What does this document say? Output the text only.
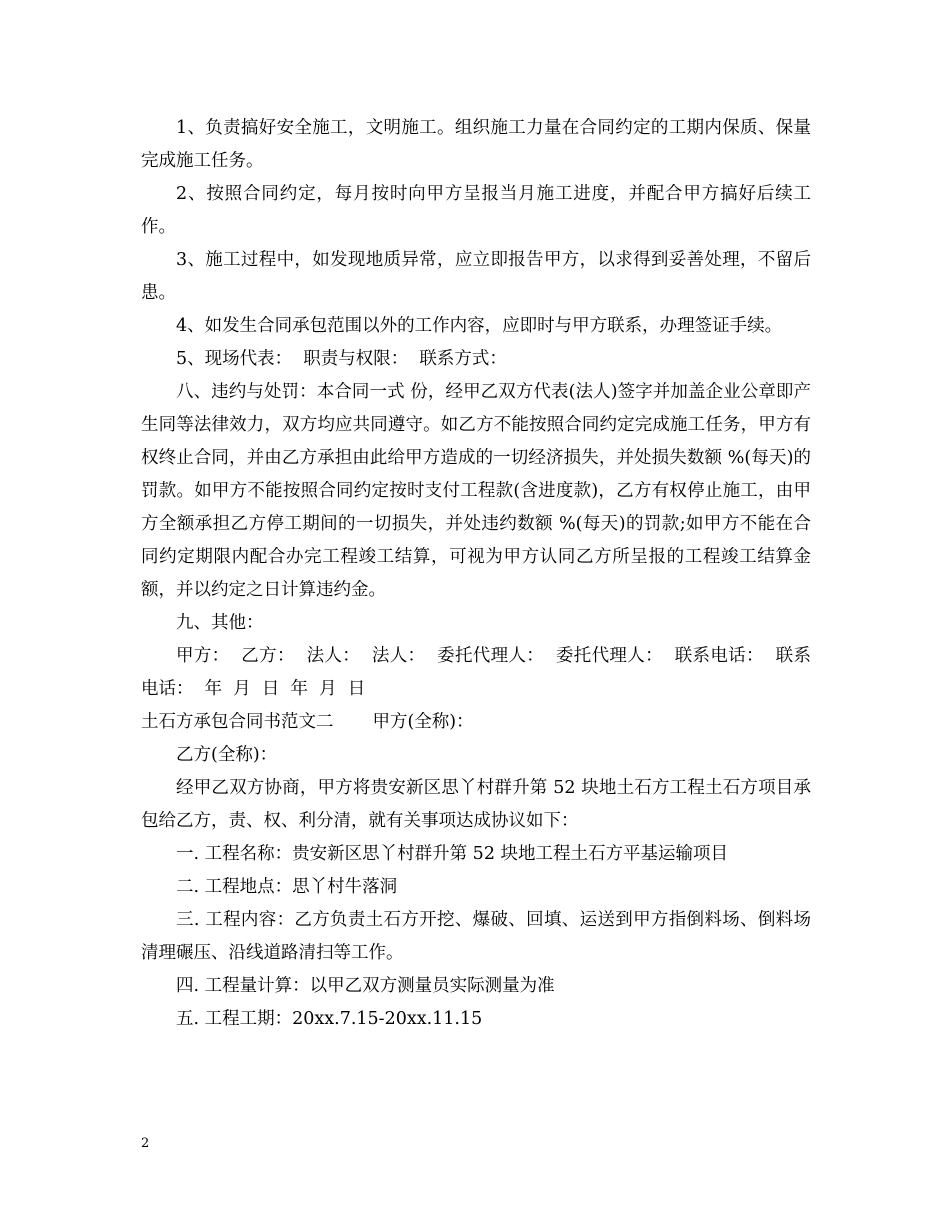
1、负责搞好安全施工，文明施工。组织施工力量在合同约定的工期内保质、保量完成施工任务。

2、按照合同约定，每月按时向甲方呈报当月施工进度，并配合甲方搞好后续工作。

3、施工过程中，如发现地质异常，应立即报告甲方，以求得到妥善处理，不留后患。

4、如发生合同承包范围以外的工作内容，应即时与甲方联系，办理签证手续。

5、现场代表：  职责与权限：  联系方式：

八、违约与处罚：本合同一式 份，经甲乙双方代表(法人)签字并加盖企业公章即产生同等法律效力，双方均应共同遵守。如乙方不能按照合同约定完成施工任务，甲方有权终止合同，并由乙方承担由此给甲方造成的一切经济损失，并处损失数额 %(每天)的罚款。如甲方不能按照合同约定按时支付工程款(含进度款)，乙方有权停止施工，由甲方全额承担乙方停工期间的一切损失，并处违约数额 %(每天)的罚款;如甲方不能在合同约定期限内配合办完工程竣工结算，可视为甲方认同乙方所呈报的工程竣工结算金额，并以约定之日计算违约金。

九、其他：

甲方：  乙方：  法人：  法人：  委托代理人：  委托代理人：  联系电话：  联系电话：  年  月  日  年  月  日

土石方承包合同书范文二       甲方(全称)：

乙方(全称)：

经甲乙双方协商，甲方将贵安新区思丫村群升第 52 块地土石方工程土石方项目承包给乙方，责、权、利分清，就有关事项达成协议如下：

一. 工程名称：贵安新区思丫村群升第 52 块地工程土石方平基运输项目

二. 工程地点：思丫村牛落洞

三. 工程内容：乙方负责土石方开挖、爆破、回填、运送到甲方指倒料场、倒料场清理碾压、沿线道路清扫等工作。

四. 工程量计算：以甲乙双方测量员实际测量为准

五. 工程工期：20xx.7.15-20xx.11.15

2
